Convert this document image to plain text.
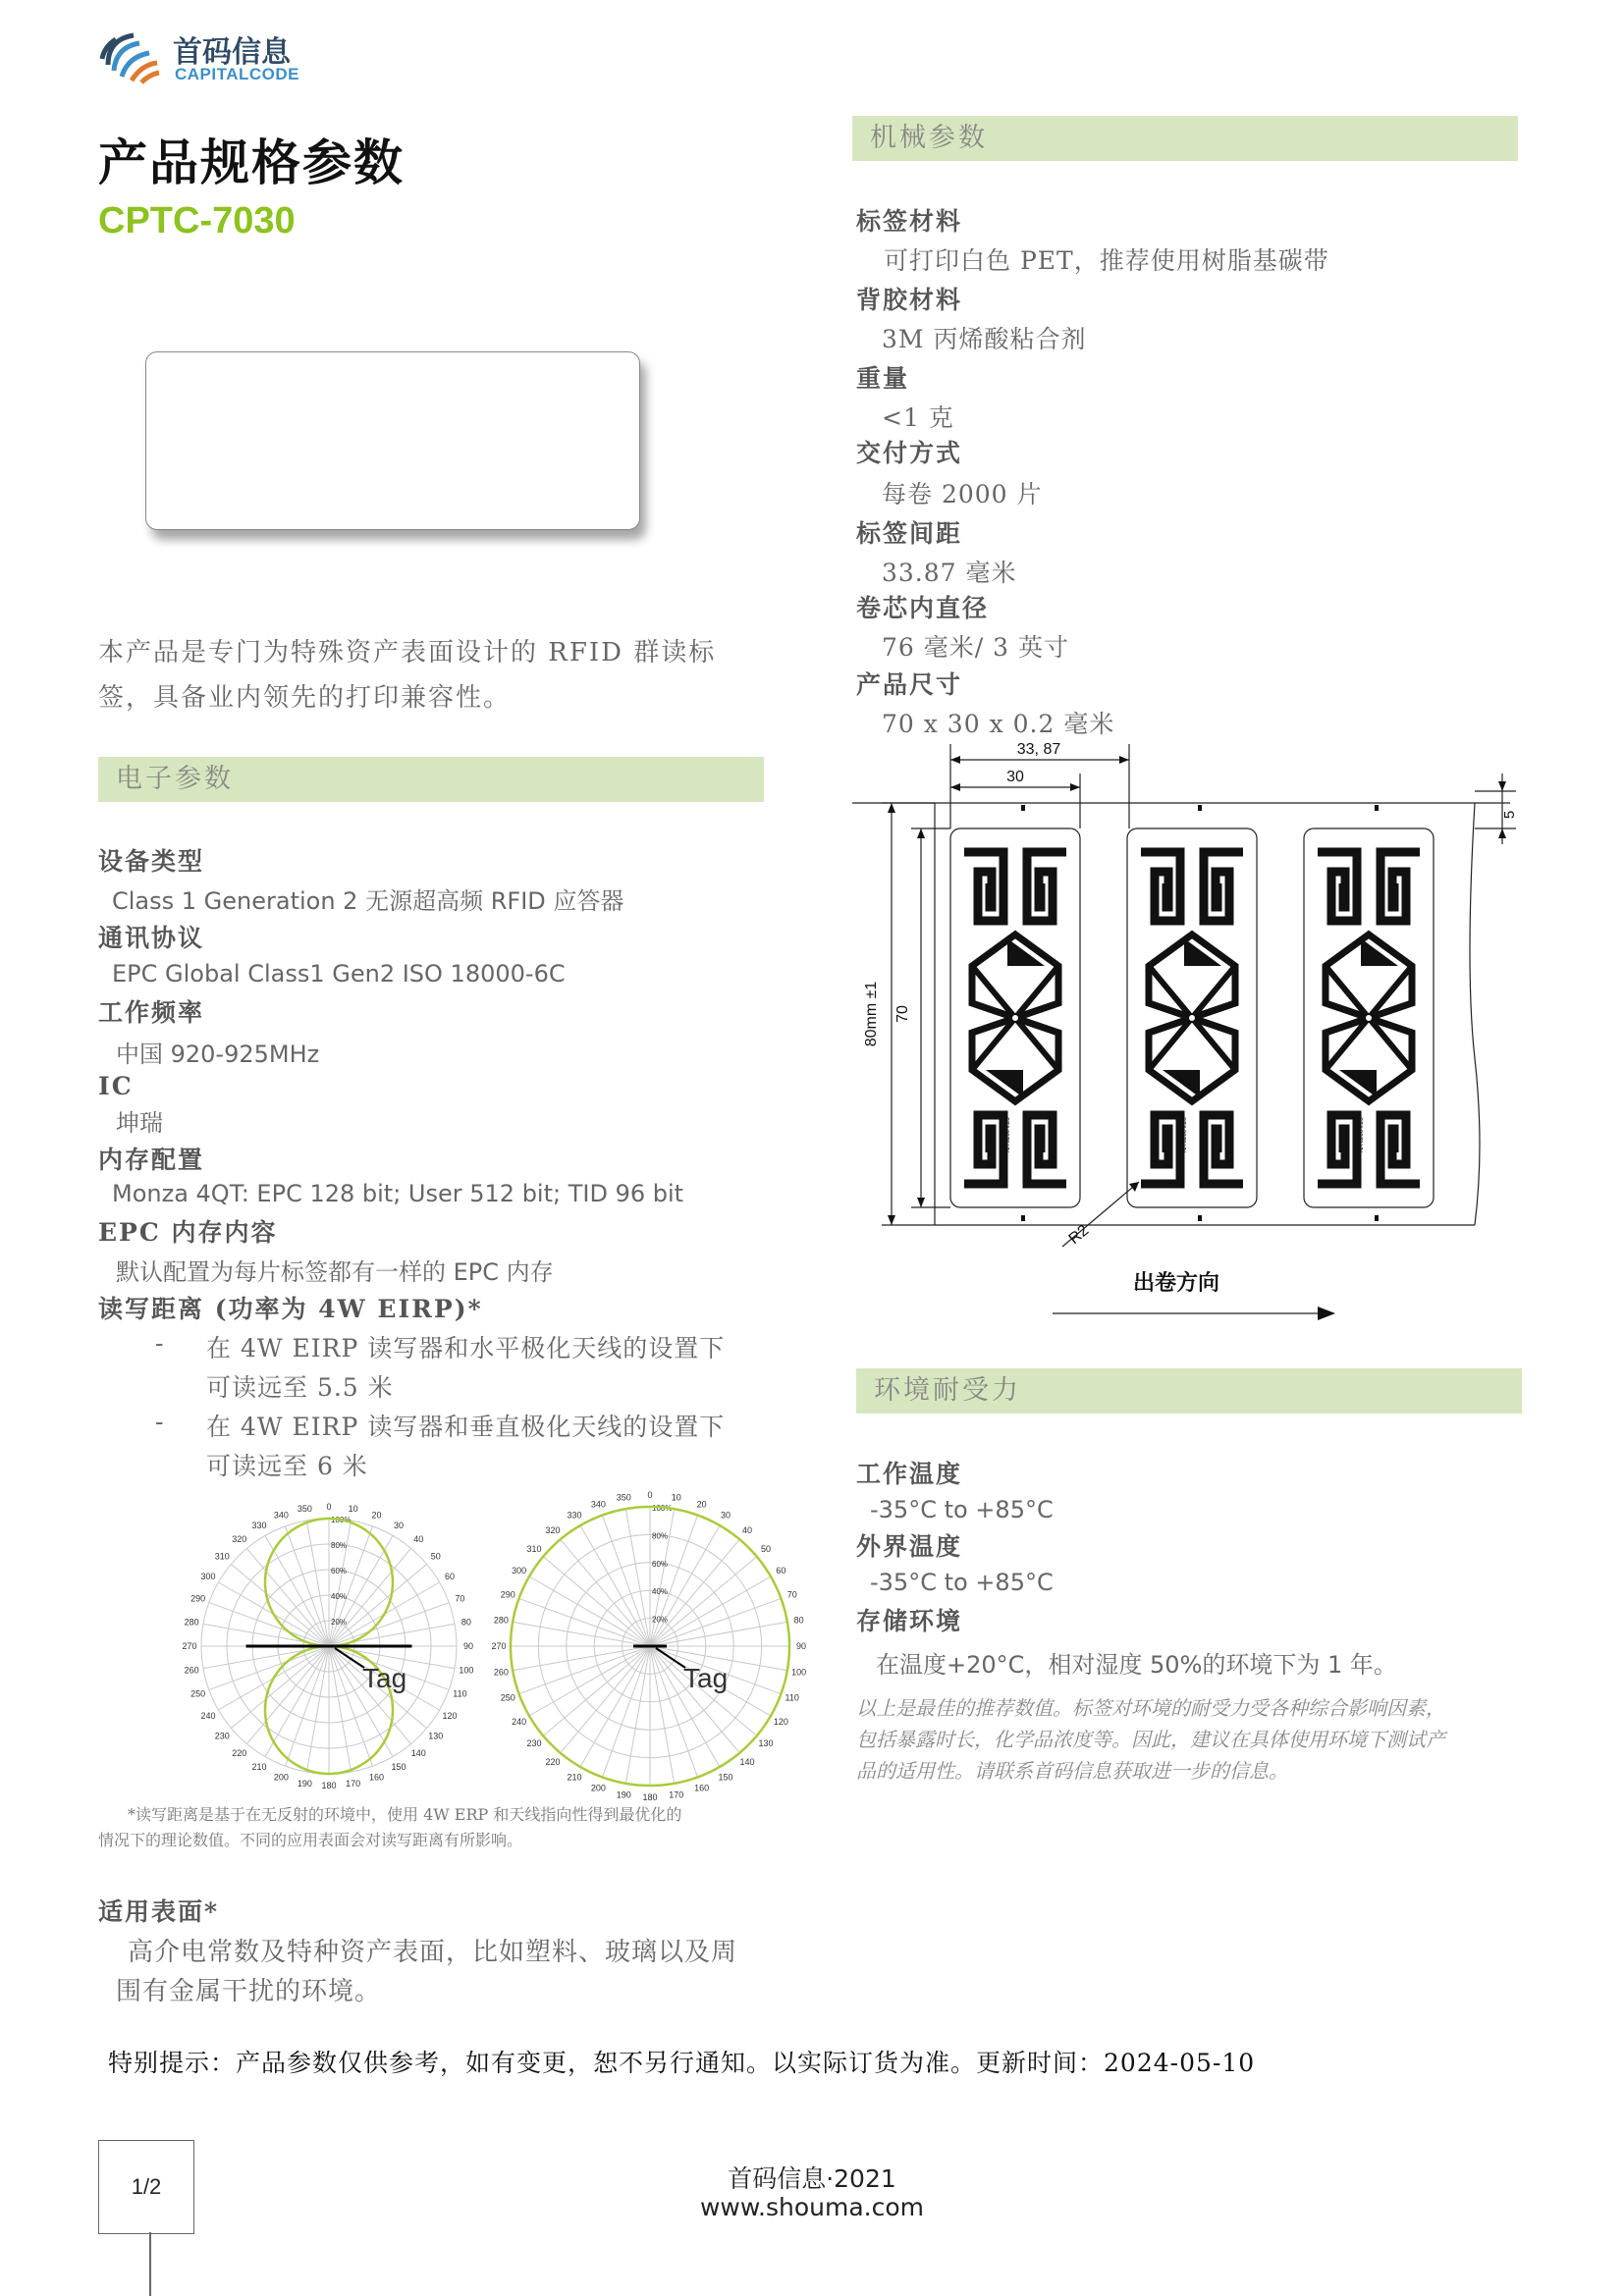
首码信息
CAPITALCODE
产品规格参数
CPTC-7030
本产品是专门为特殊资产表面设计的 RFID 群读标
签，具备业内领先的打印兼容性。
电子参数
设备类型
Class 1 Generation 2 无源超高频 RFID 应答器
通讯协议
EPC Global Class1 Gen2 ISO 18000-6C
工作频率
中国 920-925MHz
IC
坤瑞
内存配置
Monza 4QT: EPC 128 bit; User 512 bit; TID 96 bit
EPC 内存内容
默认配置为每片标签都有一样的 EPC 内存
读写距离 (功率为 4W EIRP)*
- 在 4W EIRP 读写器和水平极化天线的设置下
可读远至 5.5 米
- 在 4W EIRP 读写器和垂直极化天线的设置下
可读远至 6 米
0 10
20
30
40
50
60
70
80
90
100
110
120
130
140
150
160
170
180
190
200
210
220
230
240
250
260
270
280
290
300
310
320
330
340
350
100%
80%
60%
40%
20%
Tag
0 10
20
30
40
50
60
70
80
90
100
110
120
130
140
150
160
170
180
190
200
210
220
230
240
250
260
270
280
290
300
310
320
330
340
350
100%
80%
60%
40%
20%
Tag
*读写距离是基于在无反射的环境中，使用 4W ERP 和天线指向性得到最优化的
情况下的理论数值。不同的应用表面会对读写距离有所影响。
适用表面*
高介电常数及特种资产表面，比如塑料、玻璃以及周
围有金属干扰的环境。
机械参数
标签材料
可打印白色 PET，推荐使用树脂基碳带
背胶材料
3M 丙烯酸粘合剂
重量
<1 克
交付方式
每卷 2000 片
标签间距
33.87 毫米
卷芯内直径
76 毫米/ 3 英寸
产品尺寸
70 x 30 x 0.2 毫米
NA 0200 v.23	NA 0200 v.23	NA 0200 v.23
33, 87
30
5
80mm ±1 70
R2
出卷方向
环境耐受力
工作温度
-35°C to +85°C
外界温度
-35°C to +85°C
存储环境
在温度+20°C，相对湿度 50%的环境下为 1 年。
以上是最佳的推荐数值。标签对环境的耐受力受各种综合影响因素，
包括暴露时长，化学品浓度等。因此，建议在具体使用环境下测试产
品的适用性。请联系首码信息获取进一步的信息。
特别提示：产品参数仅供参考，如有变更，恕不另行通知。以实际订货为准。更新时间：2024-05-10
1/2	首码信息·2021
www.shouma.com
